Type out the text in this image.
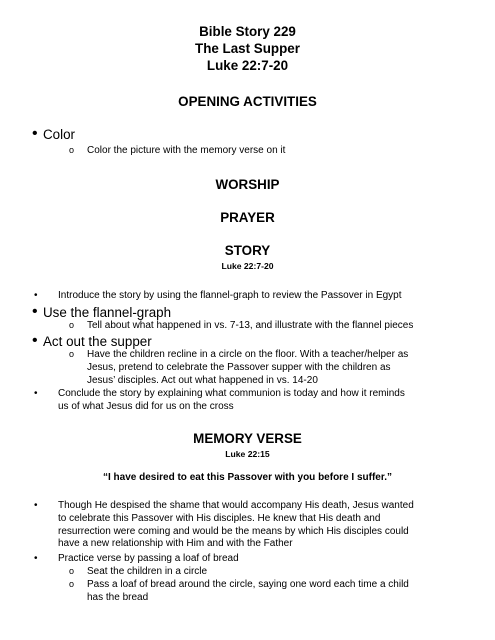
Bible Story 229
The Last Supper
Luke 22:7-20
OPENING ACTIVITIES
• Color
o Color the picture with the memory verse on it
WORSHIP
PRAYER
STORY
Luke 22:7-20
• Introduce the story by using the flannel-graph to review the Passover in Egypt
• Use the flannel-graph
o Tell about what happened in vs. 7-13, and illustrate with the flannel pieces
• Act out the supper
o Have the children recline in a circle on the floor. With a teacher/helper as
Jesus, pretend to celebrate the Passover supper with the children as
Jesus’ disciples. Act out what happened in vs. 14-20
• Conclude the story by explaining what communion is today and how it reminds
us of what Jesus did for us on the cross
MEMORY VERSE
Luke 22:15
“I have desired to eat this Passover with you before I suffer.”
• Though He despised the shame that would accompany His death, Jesus wanted
to celebrate this Passover with His disciples. He knew that His death and
resurrection were coming and would be the means by which His disciples could
have a new relationship with Him and with the Father
• Practice verse by passing a loaf of bread
o Seat the children in a circle
o Pass a loaf of bread around the circle, saying one word each time a child
has the bread
